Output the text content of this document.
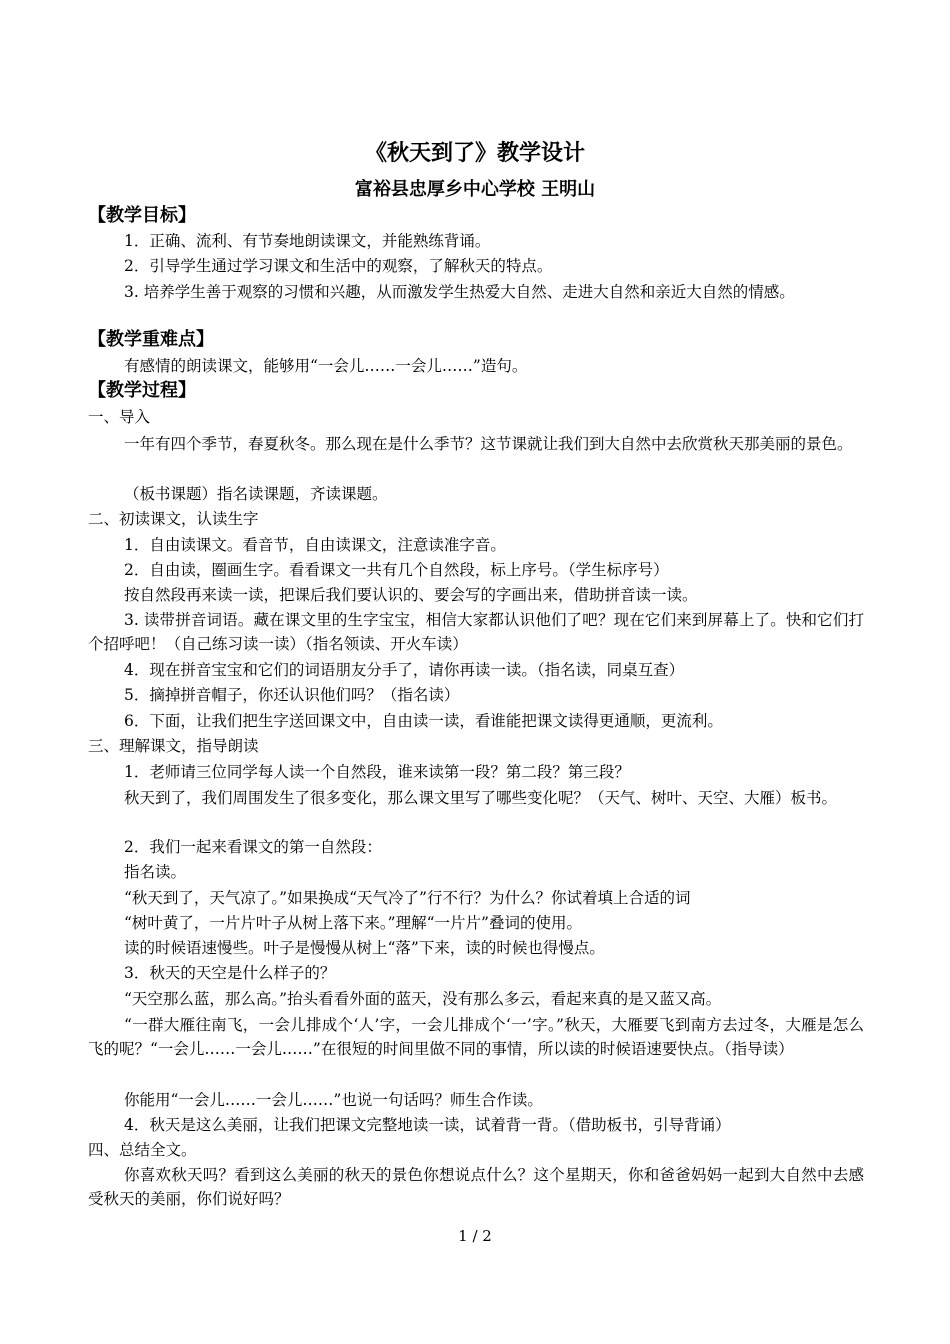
《秋天到了》教学设计
富裕县忠厚乡中心学校 王明山
【教学目标】
1．正确、流利、有节奏地朗读课文，并能熟练背诵。
2．引导学生通过学习课文和生活中的观察，了解秋天的特点。
3. 培养学生善于观察的习惯和兴趣，从而激发学生热爱大自然、走进大自然和亲近大自然的情感。
【教学重难点】
有感情的朗读课文，能够用“一会儿……一会儿……”造句。
【教学过程】
一、导入
一年有四个季节，春夏秋冬。那么现在是什么季节？这节课就让我们到大自然中去欣赏秋天那美丽的景色。
（板书课题）指名读课题，齐读课题。
二、初读课文，认读生字
1．自由读课文。看音节，自由读课文，注意读准字音。
2．自由读，圈画生字。看看课文一共有几个自然段，标上序号。（学生标序号）
按自然段再来读一读，把课后我们要认识的、要会写的字画出来，借助拼音读一读。
3. 读带拼音词语。藏在课文里的生字宝宝，相信大家都认识他们了吧？现在它们来到屏幕上了。快和它们打个招呼吧！（自己练习读一读）（指名领读、开火车读）
4．现在拼音宝宝和它们的词语朋友分手了，请你再读一读。（指名读，同桌互查）
5．摘掉拼音帽子，你还认识他们吗？（指名读）
6．下面，让我们把生字送回课文中，自由读一读，看谁能把课文读得更通顺，更流利。
三、理解课文，指导朗读
1．老师请三位同学每人读一个自然段，谁来读第一段？第二段？第三段？
秋天到了，我们周围发生了很多变化，那么课文里写了哪些变化呢？（天气、树叶、天空、大雁）板书。
2．我们一起来看课文的第一自然段：
指名读。
“秋天到了，天气凉了。”如果换成“天气冷了”行不行？为什么？你试着填上合适的词
“树叶黄了，一片片叶子从树上落下来。”理解“一片片”叠词的使用。
读的时候语速慢些。叶子是慢慢从树上“落”下来，读的时候也得慢点。
3．秋天的天空是什么样子的？
“天空那么蓝，那么高。”抬头看看外面的蓝天，没有那么多云，看起来真的是又蓝又高。
“一群大雁往南飞，一会儿排成个‘人’字，一会儿排成个‘一’字。”秋天，大雁要飞到南方去过冬，大雁是怎么飞的呢？“一会儿……一会儿……”在很短的时间里做不同的事情，所以读的时候语速要快点。（指导读）
你能用“一会儿……一会儿……”也说一句话吗？师生合作读。
4．秋天是这么美丽，让我们把课文完整地读一读，试着背一背。（借助板书，引导背诵）
四、总结全文。
你喜欢秋天吗？看到这么美丽的秋天的景色你想说点什么？这个星期天，你和爸爸妈妈一起到大自然中去感受秋天的美丽，你们说好吗？
1 / 2
